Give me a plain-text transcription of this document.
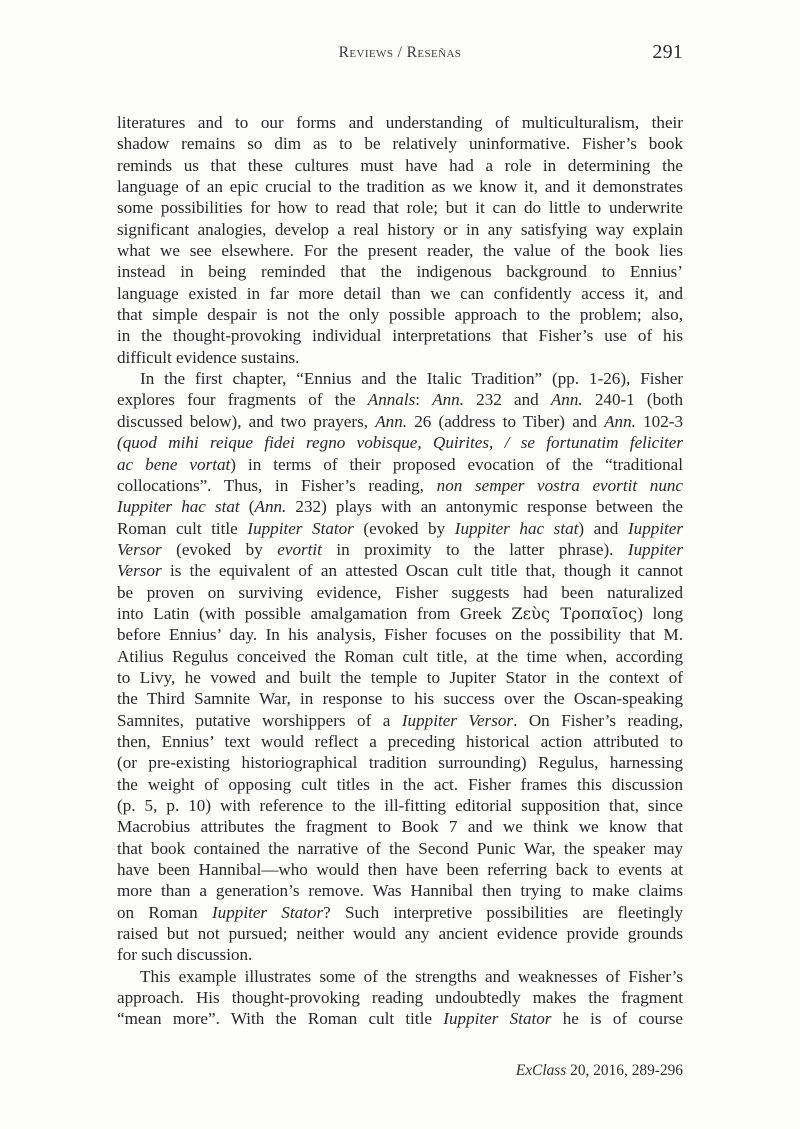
Reviews / Reseñas	291
literatures and to our forms and understanding of multiculturalism, their
shadow remains so dim as to be relatively uninformative. Fisher’s book
reminds us that these cultures must have had a role in determining the
language of an epic crucial to the tradition as we know it, and it demonstrates
some possibilities for how to read that role; but it can do little to underwrite
significant analogies, develop a real history or in any satisfying way explain
what we see elsewhere. For the present reader, the value of the book lies
instead in being reminded that the indigenous background to Ennius’
language existed in far more detail than we can confidently access it, and
that simple despair is not the only possible approach to the problem; also,
in the thought-provoking individual interpretations that Fisher’s use of his
difficult evidence sustains.
In the first chapter, “Ennius and the Italic Tradition” (pp. 1-26), Fisher
explores four fragments of the Annals: Ann. 232 and Ann. 240-1 (both
discussed below), and two prayers, Ann. 26 (address to Tiber) and Ann. 102-3
(quod mihi reique fidei regno vobisque, Quirites, / se fortunatim feliciter
ac bene vortat) in terms of their proposed evocation of the “traditional
collocations”. Thus, in Fisher’s reading, non semper vostra evortit nunc
Iuppiter hac stat (Ann. 232) plays with an antonymic response between the
Roman cult title Iuppiter Stator (evoked by Iuppiter hac stat) and Iuppiter
Versor (evoked by evortit in proximity to the latter phrase). Iuppiter
Versor is the equivalent of an attested Oscan cult title that, though it cannot
be proven on surviving evidence, Fisher suggests had been naturalized
into Latin (with possible amalgamation from Greek Ζεὺς Τροπαῖος) long
before Ennius’ day. In his analysis, Fisher focuses on the possibility that M.
Atilius Regulus conceived the Roman cult title, at the time when, according
to Livy, he vowed and built the temple to Jupiter Stator in the context of
the Third Samnite War, in response to his success over the Oscan-speaking
Samnites, putative worshippers of a Iuppiter Versor. On Fisher’s reading,
then, Ennius’ text would reflect a preceding historical action attributed to
(or pre-existing historiographical tradition surrounding) Regulus, harnessing
the weight of opposing cult titles in the act. Fisher frames this discussion
(p. 5, p. 10) with reference to the ill-fitting editorial supposition that, since
Macrobius attributes the fragment to Book 7 and we think we know that
that book contained the narrative of the Second Punic War, the speaker may
have been Hannibal—who would then have been referring back to events at
more than a generation’s remove. Was Hannibal then trying to make claims
on Roman Iuppiter Stator? Such interpretive possibilities are fleetingly
raised but not pursued; neither would any ancient evidence provide grounds
for such discussion.
This example illustrates some of the strengths and weaknesses of Fisher’s
approach. His thought-provoking reading undoubtedly makes the fragment
“mean more”. With the Roman cult title Iuppiter Stator he is of course
ExClass 20, 2016, 289-296
